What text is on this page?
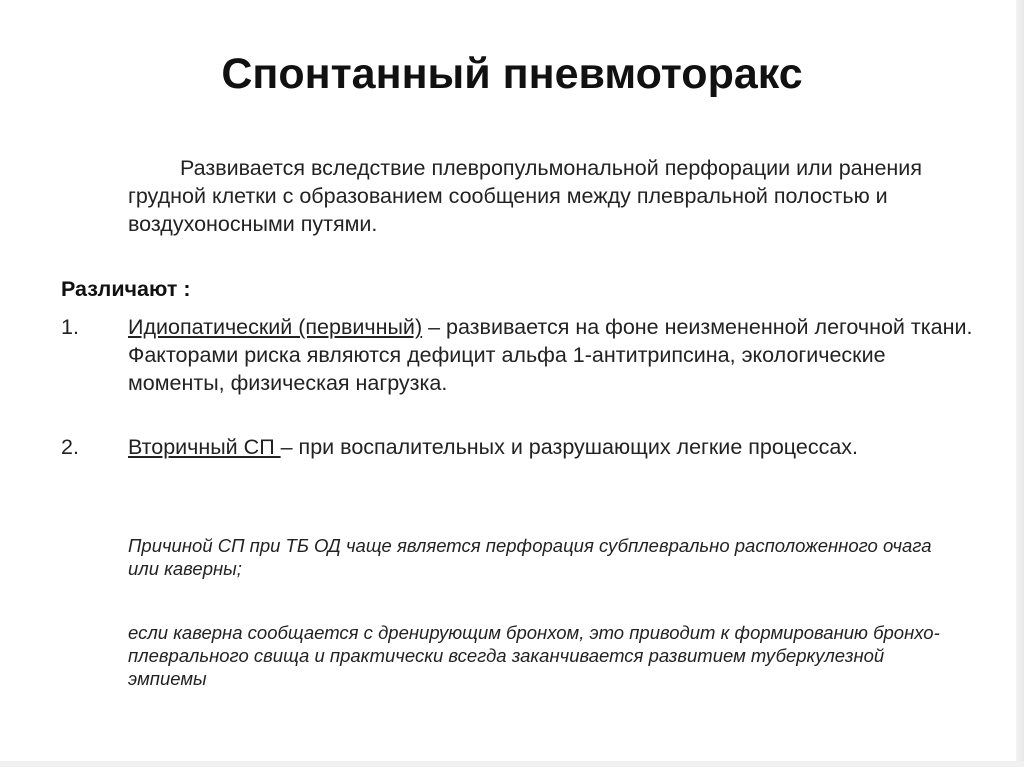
Спонтанный пневмоторакс

Развивается вследствие плевропульмональной перфорации или ранения грудной клетки с образованием сообщения между плевральной полостью и воздухоносными путями.

Различают :
1. Идиопатический (первичный) – развивается на фоне неизмененной легочной ткани. Факторами риска являются дефицит альфа 1-антитрипсина, экологические моменты, физическая нагрузка.
2. Вторичный СП – при воспалительных и разрушающих легкие процессах.

Причиной СП при ТБ ОД чаще является перфорация субплеврально расположенного очага или каверны;

если каверна сообщается с дренирующим бронхом, это приводит к формированию бронхо-плеврального свища и практически всегда заканчивается развитием туберкулезной эмпиемы
